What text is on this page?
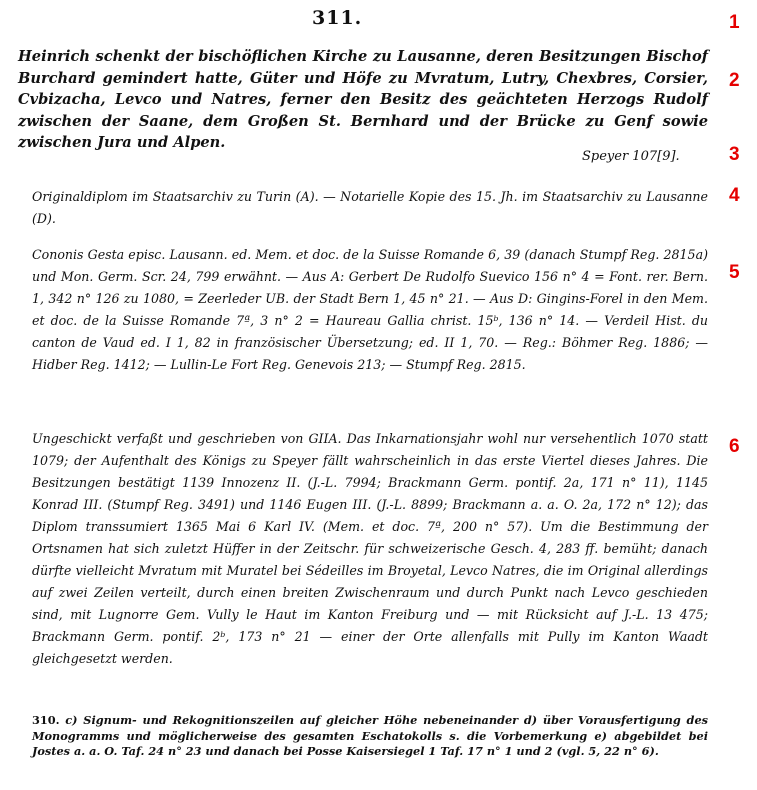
311.
Heinrich schenkt der bischöflichen Kirche zu Lausanne, deren Besitzungen Bischof Burchard gemindert hatte, Güter und Höfe zu Mvratum, Lutry, Chexbres, Corsier, Cvbizacha, Levco und Natres, ferner den Besitz des geächteten Herzogs Rudolf zwischen der Saane, dem Großen St. Bernhard und der Brücke zu Genf sowie zwischen Jura und Alpen.
Speyer 107[9].
Originaldiplom im Staatsarchiv zu Turin (A). — Notarielle Kopie des 15. Jh. im Staatsarchiv zu Lausanne (D).
Cononis Gesta episc. Lausann. ed. Mem. et doc. de la Suisse Romande 6, 39 (danach Stumpf Reg. 2815a) und Mon. Germ. Scr. 24, 799 erwähnt. — Aus A: Gerbert De Rudolfo Suevico 156 n° 4 = Font. rer. Bern. 1, 342 n° 126 zu 1080, = Zeerleder UB. der Stadt Bern 1, 45 n° 21. — Aus D: Gingins-Forel in den Mem. et doc. de la Suisse Romande 7ª, 3 n° 2 = Haureau Gallia christ. 15ᵇ, 136 n° 14. — Verdeil Hist. du canton de Vaud ed. I 1, 82 in französischer Übersetzung; ed. II 1, 70. — Reg.: Böhmer Reg. 1886; — Hidber Reg. 1412; — Lullin-Le Fort Reg. Genevois 213; — Stumpf Reg. 2815.
Ungeschickt verfaßt und geschrieben von GIIA. Das Inkarnationsjahr wohl nur versehentlich 1070 statt 1079; der Aufenthalt des Königs zu Speyer fällt wahrscheinlich in das erste Viertel dieses Jahres. Die Besitzungen bestätigt 1139 Innozenz II. (J.-L. 7994; Brackmann Germ. pontif. 2a, 171 n° 11), 1145 Konrad III. (Stumpf Reg. 3491) und 1146 Eugen III. (J.-L. 8899; Brackmann a. a. O. 2a, 172 n° 12); das Diplom transsumiert 1365 Mai 6 Karl IV. (Mem. et doc. 7ª, 200 n° 57). Um die Bestimmung der Ortsnamen hat sich zuletzt Hüffer in der Zeitschr. für schweizerische Gesch. 4, 283 ff. bemüht; danach dürfte vielleicht Mvratum mit Muratel bei Sédeilles im Broyetal, Levco Natres, die im Original allerdings auf zwei Zeilen verteilt, durch einen breiten Zwischenraum und durch Punkt nach Levco geschieden sind, mit Lugnorre Gem. Vully le Haut im Kanton Freiburg und — mit Rücksicht auf J.-L. 13 475; Brackmann Germ. pontif. 2ᵇ, 173 n° 21 — einer der Orte allenfalls mit Pully im Kanton Waadt gleichgesetzt werden.
310. c) Signum- und Rekognitionszeilen auf gleicher Höhe nebeneinander d) über Vorausfertigung des Monogramms und möglicherweise des gesamten Eschatokolls s. die Vorbemerkung e) abgebildet bei Jostes a. a. O. Taf. 24 n° 23 und danach bei Posse Kaisersiegel 1 Taf. 17 n° 1 und 2 (vgl. 5, 22 n° 6).
1
2
3
4
5
6
